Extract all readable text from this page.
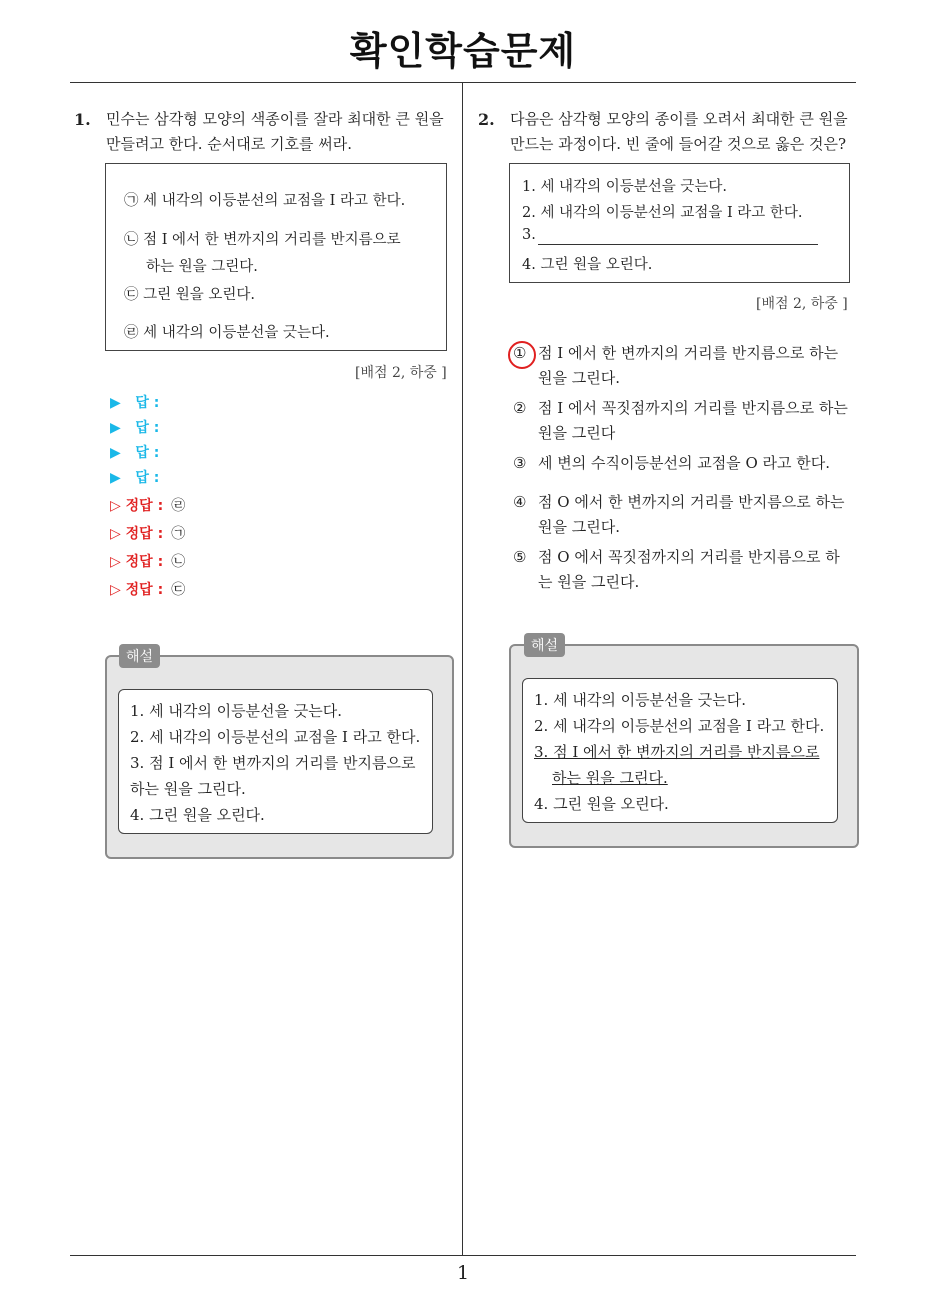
확인학습문제
1. 민수는 삼각형 모양의 색종이를 잘라 최대한 큰 원을
만들려고 한다. 순서대로 기호를 써라.
㉠ 세 내각의 이등분선의 교점을 I 라고 한다.
㉡ 점 I 에서 한 변까지의 거리를 반지름으로
하는 원을 그린다.
㉢ 그린 원을 오린다.
㉣ 세 내각의 이등분선을 긋는다.
[배점 2, 하중 ]
▶ 답 :
▶ 답 :
▶ 답 :
▶ 답 :
▷ 정답 : ㉣
▷ 정답 : ㉠
▷ 정답 : ㉡
▷ 정답 : ㉢
1. 세 내각의 이등분선을 긋는다.
2. 세 내각의 이등분선의 교점을 I 라고 한다.
3. 점 I 에서 한 변까지의 거리를 반지름으로
하는 원을 그린다.
4. 그린 원을 오린다.
해설
2. 다음은 삼각형 모양의 종이를 오려서 최대한 큰 원을
만드는 과정이다. 빈 줄에 들어갈 것으로 옳은 것은?
1. 세 내각의 이등분선을 긋는다.
2. 세 내각의 이등분선의 교점을 I 라고 한다.
3.
4. 그린 원을 오린다.
[배점 2, 하중 ]
① 점 I 에서 한 변까지의 거리를 반지름으로 하는
원을 그린다.
② 점 I 에서 꼭짓점까지의 거리를 반지름으로 하는
원을 그린다
③ 세 변의 수직이등분선의 교점을 O 라고 한다.
④ 점 O 에서 한 변까지의 거리를 반지름으로 하는
원을 그린다.
⑤ 점 O 에서 꼭짓점까지의 거리를 반지름으로 하
는 원을 그린다.
1. 세 내각의 이등분선을 긋는다.
2. 세 내각의 이등분선의 교점을 I 라고 한다.
3. 점 I 에서 한 변까지의 거리를 반지름으로
하는 원을 그린다.
4. 그린 원을 오린다.
해설
1
